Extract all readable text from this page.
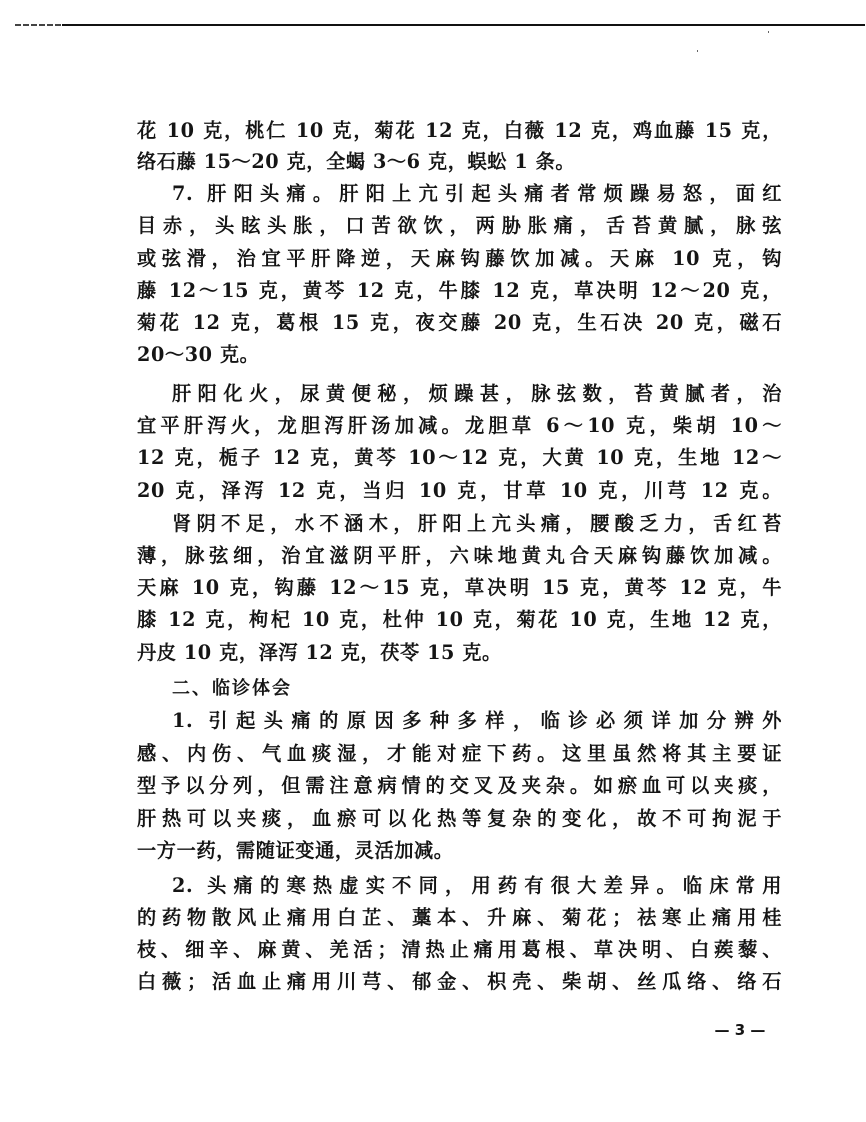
花 10 克，桃仁 10 克，菊花 12 克，白薇 12 克，鸡血藤 15 克，
络石藤 15～20 克，全蝎 3～6 克，蜈蚣 1 条。
7. 肝阳头痛。肝阳上亢引起头痛者常烦躁易怒，面红
目赤，头眩头胀，口苦欲饮，两胁胀痛，舌苔黄腻，脉弦
或弦滑，治宜平肝降逆，天麻钩藤饮加减。天麻 10 克，钩
藤 12～15 克，黄芩 12 克，牛膝 12 克，草决明 12～20 克，
菊花 12 克，葛根 15 克，夜交藤 20 克，生石决 20 克，磁石
20～30 克。
肝阳化火，尿黄便秘，烦躁甚，脉弦数，苔黄腻者，治
宜平肝泻火，龙胆泻肝汤加减。龙胆草 6～10 克，柴胡 10～
12 克，栀子 12 克，黄芩 10～12 克，大黄 10 克，生地 12～
20 克，泽泻 12 克，当归 10 克，甘草 10 克，川芎 12 克。
肾阴不足，水不涵木，肝阳上亢头痛，腰酸乏力，舌红苔
薄，脉弦细，治宜滋阴平肝，六味地黄丸合天麻钩藤饮加减。
天麻 10 克，钩藤 12～15 克，草决明 15 克，黄芩 12 克，牛
膝 12 克，枸杞 10 克，杜仲 10 克，菊花 10 克，生地 12 克，
丹皮 10 克，泽泻 12 克，茯苓 15 克。
二、临诊体会
1. 引起头痛的原因多种多样，临诊必须详加分辨外
感、内伤、气血痰湿，才能对症下药。这里虽然将其主要证
型予以分列，但需注意病情的交叉及夹杂。如瘀血可以夹痰，
肝热可以夹痰，血瘀可以化热等复杂的变化，故不可拘泥于
一方一药，需随证变通，灵活加减。
2. 头痛的寒热虚实不同，用药有很大差异。临床常用
的药物散风止痛用白芷、藁本、升麻、菊花；祛寒止痛用桂
枝、细辛、麻黄、羌活；清热止痛用葛根、草决明、白蒺藜、
白薇；活血止痛用川芎、郁金、枳壳、柴胡、丝瓜络、络石
— 3 —
